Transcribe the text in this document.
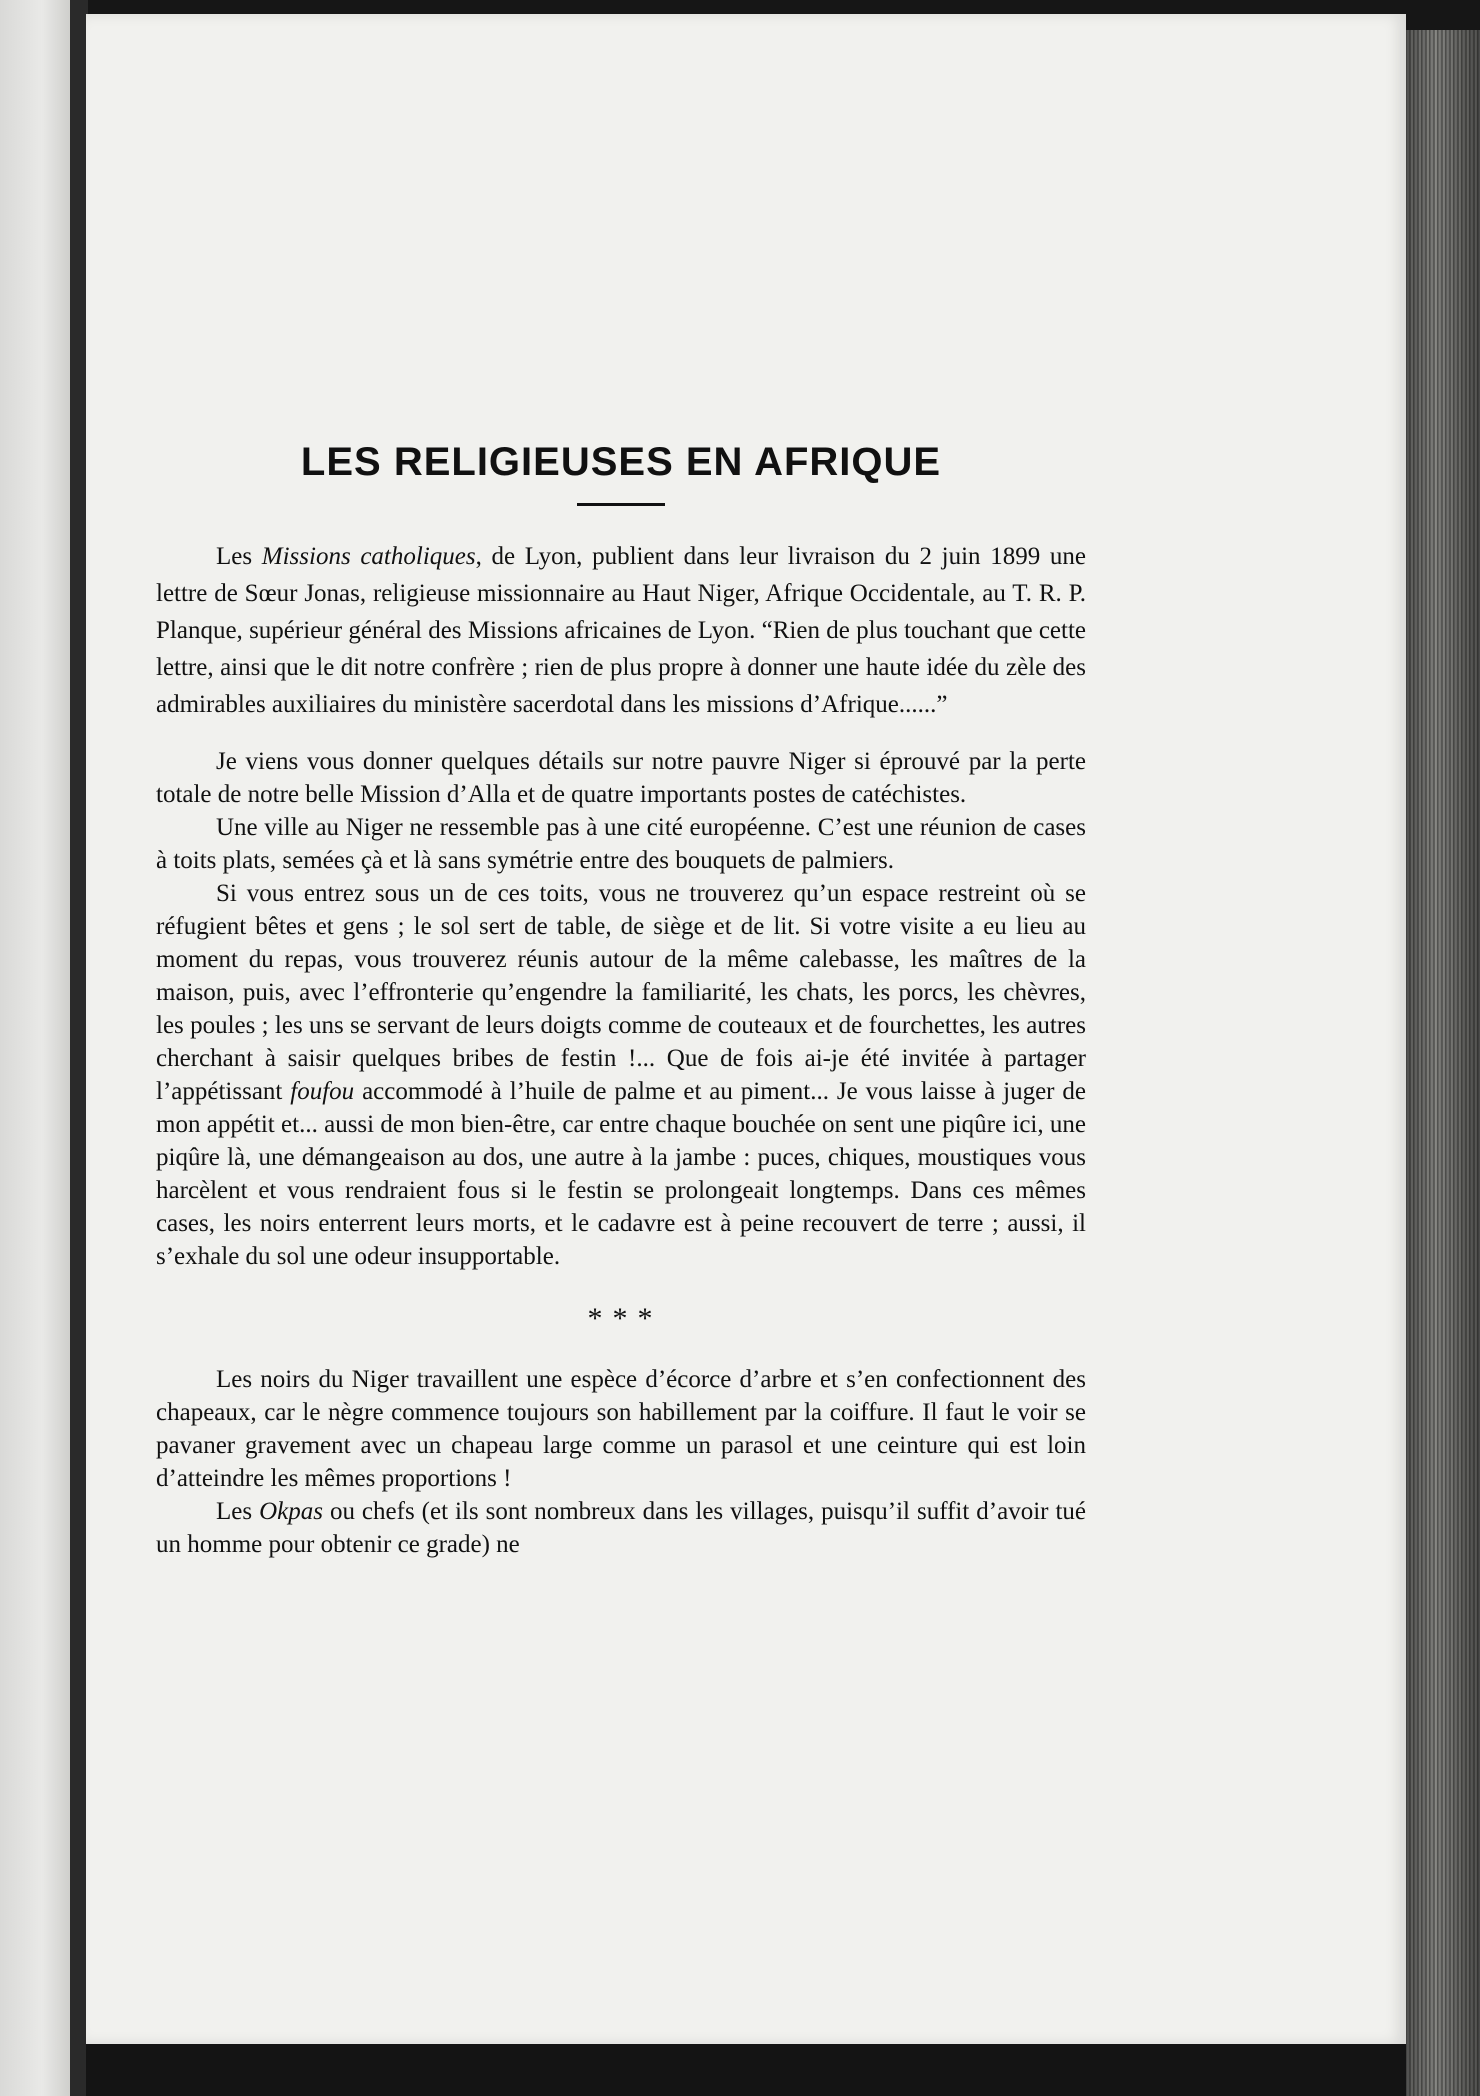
LES RELIGIEUSES EN AFRIQUE

Les Missions catholiques, de Lyon, publient dans leur livraison du 2 juin 1899 une lettre de Sœur Jonas, religieuse missionnaire au Haut Niger, Afrique Occidentale, au T. R. P. Planque, supérieur général des Missions africaines de Lyon. “Rien de plus touchant que cette lettre, ainsi que le dit notre confrère ; rien de plus propre à donner une haute idée du zèle des admirables auxiliaires du ministère sacerdotal dans les missions d’Afrique......”

Je viens vous donner quelques détails sur notre pauvre Niger si éprouvé par la perte totale de notre belle Mission d’Alla et de quatre importants postes de catéchistes.

Une ville au Niger ne ressemble pas à une cité européenne. C’est une réunion de cases à toits plats, semées çà et là sans symétrie entre des bouquets de palmiers.

Si vous entrez sous un de ces toits, vous ne trouverez qu’un espace restreint où se réfugient bêtes et gens ; le sol sert de table, de siège et de lit. Si votre visite a eu lieu au moment du repas, vous trouverez réunis autour de la même calebasse, les maîtres de la maison, puis, avec l’effronterie qu’engendre la familiarité, les chats, les porcs, les chèvres, les poules ; les uns se servant de leurs doigts comme de couteaux et de fourchettes, les autres cherchant à saisir quelques bribes de festin !... Que de fois ai-je été invitée à partager l’appétissant foufou accommodé à l’huile de palme et au piment... Je vous laisse à juger de mon appétit et... aussi de mon bien-être, car entre chaque bouchée on sent une piqûre ici, une piqûre là, une démangeaison au dos, une autre à la jambe : puces, chiques, moustiques vous harcèlent et vous rendraient fous si le festin se prolongeait longtemps. Dans ces mêmes cases, les noirs enterrent leurs morts, et le cadavre est à peine recouvert de terre ; aussi, il s’exhale du sol une odeur insupportable.

* * *

Les noirs du Niger travaillent une espèce d’écorce d’arbre et s’en confectionnent des chapeaux, car le nègre commence toujours son habillement par la coiffure. Il faut le voir se pavaner gravement avec un chapeau large comme un parasol et une ceinture qui est loin d’atteindre les mêmes proportions !

Les Okpas ou chefs (et ils sont nombreux dans les villages, puisqu’il suffit d’avoir tué un homme pour obtenir ce grade) ne
